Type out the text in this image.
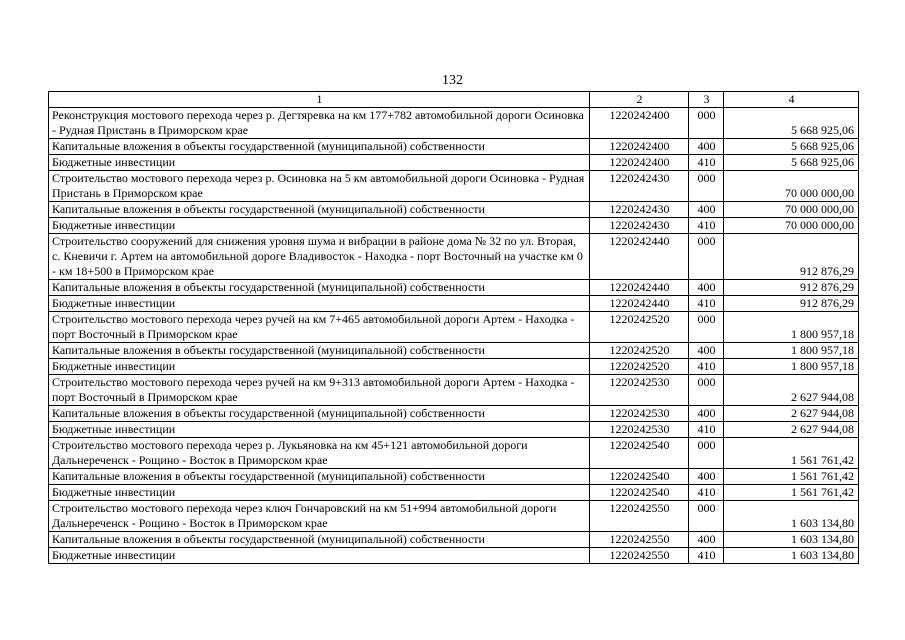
132
1	2	3	4
Реконструкция мостового перехода через р. Дегтяревка на км 177+782 автомобильной дороги Осиновка - Рудная Пристань в Приморском крае	1220242400	000	5 668 925,06
Капитальные вложения в объекты государственной (муниципальной) собственности	1220242400	400	5 668 925,06
Бюджетные инвестиции	1220242400	410	5 668 925,06
Строительство мостового перехода через р. Осиновка на 5 км автомобильной дороги Осиновка - Рудная Пристань в Приморском крае	1220242430	000	70 000 000,00
Капитальные вложения в объекты государственной (муниципальной) собственности	1220242430	400	70 000 000,00
Бюджетные инвестиции	1220242430	410	70 000 000,00
Строительство сооружений для снижения уровня шума и вибрации в районе дома № 32 по ул. Вторая, с. Кневичи г. Артем на автомобильной дороге Владивосток - Находка - порт Восточный на участке км 0 - км 18+500 в Приморском крае	1220242440	000	912 876,29
Капитальные вложения в объекты государственной (муниципальной) собственности	1220242440	400	912 876,29
Бюджетные инвестиции	1220242440	410	912 876,29
Строительство мостового перехода через ручей на км 7+465 автомобильной дороги Артем - Находка - порт Восточный в Приморском крае	1220242520	000	1 800 957,18
Капитальные вложения в объекты государственной (муниципальной) собственности	1220242520	400	1 800 957,18
Бюджетные инвестиции	1220242520	410	1 800 957,18
Строительство мостового перехода через ручей на км 9+313 автомобильной дороги Артем - Находка - порт Восточный в Приморском крае	1220242530	000	2 627 944,08
Капитальные вложения в объекты государственной (муниципальной) собственности	1220242530	400	2 627 944,08
Бюджетные инвестиции	1220242530	410	2 627 944,08
Строительство мостового перехода через р. Лукьяновка на км 45+121 автомобильной дороги Дальнереченск - Рощино - Восток в Приморском крае	1220242540	000	1 561 761,42
Капитальные вложения в объекты государственной (муниципальной) собственности	1220242540	400	1 561 761,42
Бюджетные инвестиции	1220242540	410	1 561 761,42
Строительство мостового перехода через ключ Гончаровский на км 51+994 автомобильной дороги Дальнереченск - Рощино - Восток в Приморском крае	1220242550	000	1 603 134,80
Капитальные вложения в объекты государственной (муниципальной) собственности	1220242550	400	1 603 134,80
Бюджетные инвестиции	1220242550	410	1 603 134,80
